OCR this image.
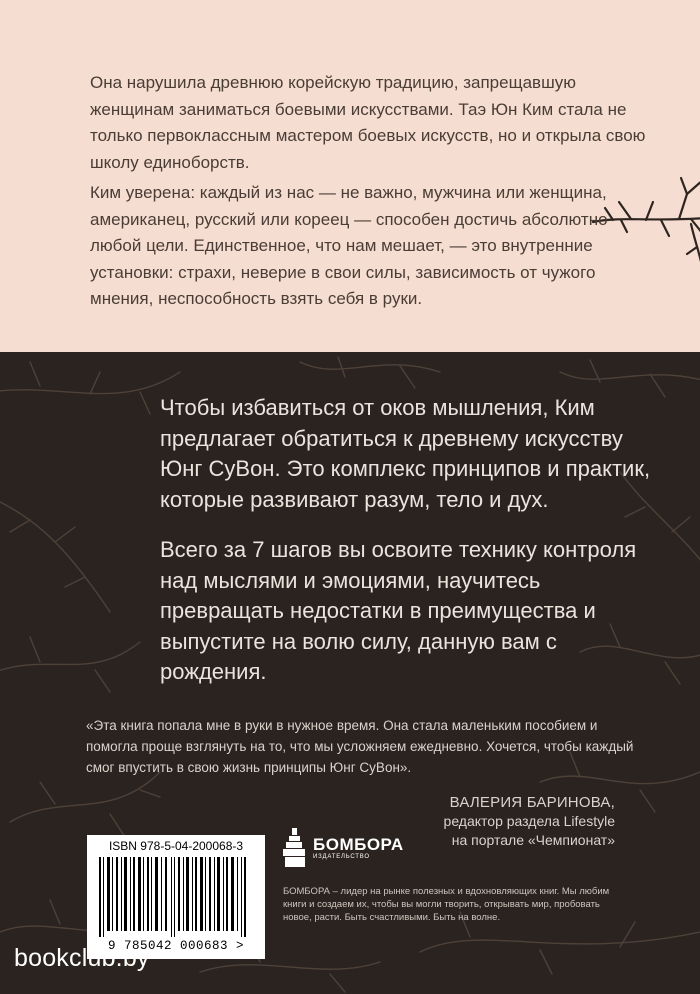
Она нарушила древнюю корейскую традицию, запрещавшую женщинам заниматься боевыми искусствами. Таэ Юн Ким стала не только первоклассным мастером боевых искусств, но и открыла свою школу единоборств.

Ким уверена: каждый из нас — не важно, мужчина или женщина, американец, русский или кореец — способен достичь абсолютно любой цели. Единственное, что нам мешает, — это внутренние установки: страхи, неверие в свои силы, зависимость от чужого мнения, неспособность взять себя в руки.

Чтобы избавиться от оков мышления, Ким предлагает обратиться к древнему искусству Юнг СуВон. Это комплекс принципов и практик, которые развивают разум, тело и дух.

Всего за 7 шагов вы освоите технику контроля над мыслями и эмоциями, научитесь превращать недостатки в преимущества и выпустите на волю силу, данную вам с рождения.

«Эта книга попала мне в руки в нужное время. Она стала маленьким пособием и помогла проще взглянуть на то, что мы усложняем ежедневно. Хочется, чтобы каждый смог впустить в свою жизнь принципы Юнг СуВон».

ВАЛЕРИЯ БАРИНОВА,
редактор раздела Lifestyle
на портале «Чемпионат»
ISBN 978-5-04-200068-3
9 785042 000683 >
БОМБОРА
ИЗДАТЕЛЬСТВО

БОМБОРА – лидер на рынке полезных и вдохновляющих книг. Мы любим книги и создаем их, чтобы вы могли творить, открывать мир, пробовать новое, расти. Быть счастливыми. Быть на волне.

bookclub.by
